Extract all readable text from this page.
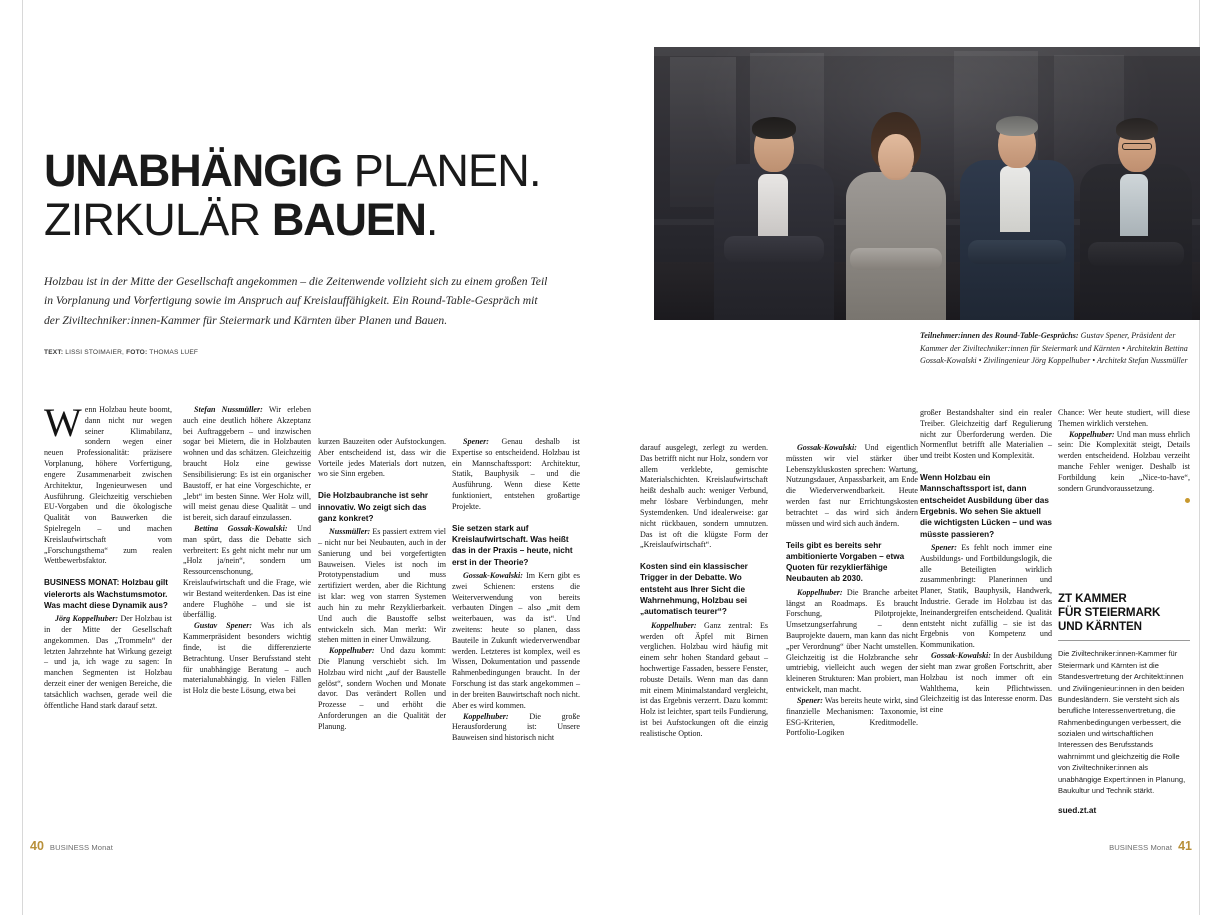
UNABHÄNGIG PLANEN.
ZIRKULÄR BAUEN.
Holzbau ist in der Mitte der Gesellschaft angekommen – die Zeitenwende vollzieht sich zu einem großen Teil in Vorplanung und Vorfertigung sowie im Anspruch auf Kreislauffähigkeit. Ein Round-Table-Gespräch mit der Ziviltechniker:innen-Kammer für Steiermark und Kärnten über Planen und Bauen.
TEXT: LISSI STOIMAIER, FOTO: THOMAS LUEF
Teilnehmer:innen des Round-Table-Gesprächs: Gustav Spener, Präsident der Kammer der Ziviltechniker:innen für Steiermark und Kärnten • Architektin Bettina Gossak-Kowalski • Zivilingenieur Jörg Koppelhuber • Architekt Stefan Nussmüller

Wenn Holzbau heute boomt, dann nicht nur wegen seiner Klimabilanz, sondern wegen einer neuen Professionalität: präzisere Vorplanung, höhere Vorfertigung, engere Zusammenarbeit zwischen Architektur, Ingenieurwesen und Ausführung. Gleichzeitig verschieben EU-Vorgaben und die ökologische Qualität von Bauwerken die Spielregeln – und machen Kreislaufwirtschaft vom „Forschungsthema“ zum realen Wettbewerbsfaktor.

BUSINESS MONAT: Holzbau gilt vielerorts als Wachstumsmotor. Was macht diese Dynamik aus?

Jörg Koppelhuber: Der Holzbau ist in der Mitte der Gesellschaft angekommen. Das „Trommeln“ der letzten Jahrzehnte hat Wirkung gezeigt – und ja, ich wage zu sagen: In manchen Segmenten ist Holzbau derzeit einer der wenigen Bereiche, die tatsächlich wachsen, gerade weil die öffentliche Hand stark darauf setzt.

Stefan Nussmüller: Wir erleben auch eine deutlich höhere Akzeptanz bei Auftraggebern – und inzwischen sogar bei Mietern, die in Holzbauten wohnen und das schätzen. Gleichzeitig braucht Holz eine gewisse Sensibilisierung: Es ist ein organischer Baustoff, er hat eine Vorgeschichte, er „lebt“ im besten Sinne. Wer Holz will, will meist genau diese Qualität – und ist bereit, sich darauf einzulassen.

Bettina Gossak-Kowalski: Und man spürt, dass die Debatte sich verbreitert: Es geht nicht mehr nur um „Holz ja/nein“, sondern um Ressourcenschonung, Kreislaufwirtschaft und die Frage, wie wir Bestand weiterdenken. Das ist eine andere Flughöhe – und sie ist überfällig.

Gustav Spener: Was ich als Kammerpräsident besonders wichtig finde, ist die differenzierte Betrachtung. Unser Berufsstand steht für unabhängige Beratung – auch materialunabhängig. In vielen Fällen ist Holz die beste Lösung, etwa bei

kurzen Bauzeiten oder Aufstockungen. Aber entscheidend ist, dass wir die Vorteile jedes Materials dort nutzen, wo sie Sinn ergeben.

Die Holzbaubranche ist sehr innovativ. Wo zeigt sich das ganz konkret?

Nussmüller: Es passiert extrem viel – nicht nur bei Neubauten, auch in der Sanierung und bei vorgefertigten Bauweisen. Vieles ist noch im Prototypenstadium und muss zertifiziert werden, aber die Richtung ist klar: weg von starren Systemen auch hin zu mehr Rezyklierbarkeit. Und auch die Baustoffe selbst entwickeln sich. Man merkt: Wir stehen mitten in einer Umwälzung.

Koppelhuber: Und dazu kommt: Die Planung verschiebt sich. Im Holzbau wird nicht „auf der Baustelle gelöst“, sondern Wochen und Monate davor. Das verändert Rollen und Prozesse – und erhöht die Anforderungen an die Qualität der Planung.

Spener: Genau deshalb ist Expertise so entscheidend. Holzbau ist ein Mannschaftssport: Architektur, Statik, Bauphysik – und die Ausführung. Wenn diese Kette funktioniert, entstehen großartige Projekte.

Sie setzen stark auf Kreislaufwirtschaft. Was heißt das in der Praxis – heute, nicht erst in der Theorie?

Gossak-Kowalski: Im Kern gibt es zwei Schienen: erstens die Weiterverwendung von bereits verbauten Dingen – also „mit dem weiterbauen, was da ist“. Und zweitens: heute so planen, dass Bauteile in Zukunft wiederverwendbar werden. Letzteres ist komplex, weil es Wissen, Dokumentation und passende Rahmenbedingungen braucht. In der Forschung ist das stark angekommen – in der breiten Bauwirtschaft noch nicht. Aber es wird kommen.

Koppelhuber: Die große Herausforderung ist: Unsere Bauweisen sind historisch nicht

darauf ausgelegt, zerlegt zu werden. Das betrifft nicht nur Holz, sondern vor allem verklebte, gemischte Materialschichten. Kreislaufwirtschaft heißt deshalb auch: weniger Verbund, mehr lösbare Verbindungen, mehr Systemdenken. Und idealerweise: gar nicht rückbauen, sondern umnutzen. Das ist oft die klügste Form der „Kreislaufwirtschaft“.

Kosten sind ein klassischer Trigger in der Debatte. Wo entsteht aus Ihrer Sicht die Wahrnehmung, Holzbau sei „automatisch teurer“?

Koppelhuber: Ganz zentral: Es werden oft Äpfel mit Birnen verglichen. Holzbau wird häufig mit einem sehr hohen Standard gebaut – hochwertige Fassaden, bessere Fenster, robuste Details. Wenn man das dann mit einem Minimalstandard vergleicht, ist das Ergebnis verzerrt. Dazu kommt: Holz ist leichter, spart teils Fundierung, ist bei Aufstockungen oft die einzig realistische Option.

Gossak-Kowalski: Und eigentlich müssten wir viel stärker über Lebenszykluskosten sprechen: Wartung, Nutzungsdauer, Anpassbarkeit, am Ende die Wiederverwendbarkeit. Heute werden fast nur Errichtungskosten betrachtet – das wird sich ändern müssen und wird sich auch ändern.

Teils gibt es bereits sehr ambitionierte Vorgaben – etwa Quoten für rezyklierfähige Neubauten ab 2030.

Koppelhuber: Die Branche arbeitet längst an Roadmaps. Es braucht Forschung, Pilotprojekte, Umsetzungserfahrung – denn Bauprojekte dauern, man kann das nicht „per Verordnung“ über Nacht umstellen. Gleichzeitig ist die Holzbranche sehr umtriebig, vielleicht auch wegen der kleineren Strukturen: Man probiert, man entwickelt, man macht.

Spener: Was bereits heute wirkt, sind finanzielle Mechanismen: Taxonomie, ESG-Kriterien, Kreditmodelle. Portfolio-Logiken

großer Bestandshalter sind ein realer Treiber. Gleichzeitig darf Regulierung nicht zur Überforderung werden. Die Normenflut betrifft alle Materialien – und treibt Kosten und Komplexität.

Wenn Holzbau ein Mannschaftssport ist, dann entscheidet Ausbildung über das Ergebnis. Wo sehen Sie aktuell die wichtigsten Lücken – und was müsste passieren?

Spener: Es fehlt noch immer eine Ausbildungs- und Fortbildungslogik, die alle Beteiligten wirklich zusammenbringt: Planerinnen und Planer, Statik, Bauphysik, Handwerk, Industrie. Gerade im Holzbau ist das Ineinandergreifen entscheidend. Qualität entsteht nicht zufällig – sie ist das Ergebnis von Kompetenz und Kommunikation.

Gossak-Kowalski: In der Ausbildung sieht man zwar großen Fortschritt, aber Holzbau ist noch immer oft ein Wahlthema, kein Pflichtwissen. Gleichzeitig ist das Interesse enorm. Das ist eine

Chance: Wer heute studiert, will diese Themen wirklich verstehen.

Koppelhuber: Und man muss ehrlich sein: Die Komplexität steigt, Details werden entscheidend. Holzbau verzeiht manche Fehler weniger. Deshalb ist Fortbildung kein „Nice-to-have“, sondern Grundvoraussetzung.

ZT KAMMER
FÜR STEIERMARK
UND KÄRNTEN

Die Ziviltechniker:innen-Kammer für Steiermark und Kärnten ist die Standesvertretung der Architekt:innen und Zivilingenieur:innen in den beiden Bundesländern. Sie versteht sich als berufliche Interessenvertretung, die Rahmenbedingungen verbessert, die sozialen und wirtschaftlichen Interessen des Berufsstands wahrnimmt und gleichzeitig die Rolle von Ziviltechniker:innen als unabhängige Expert:innen in Planung, Baukultur und Technik stärkt.

sued.zt.at
40 BUSINESS Monat	BUSINESS Monat 41
